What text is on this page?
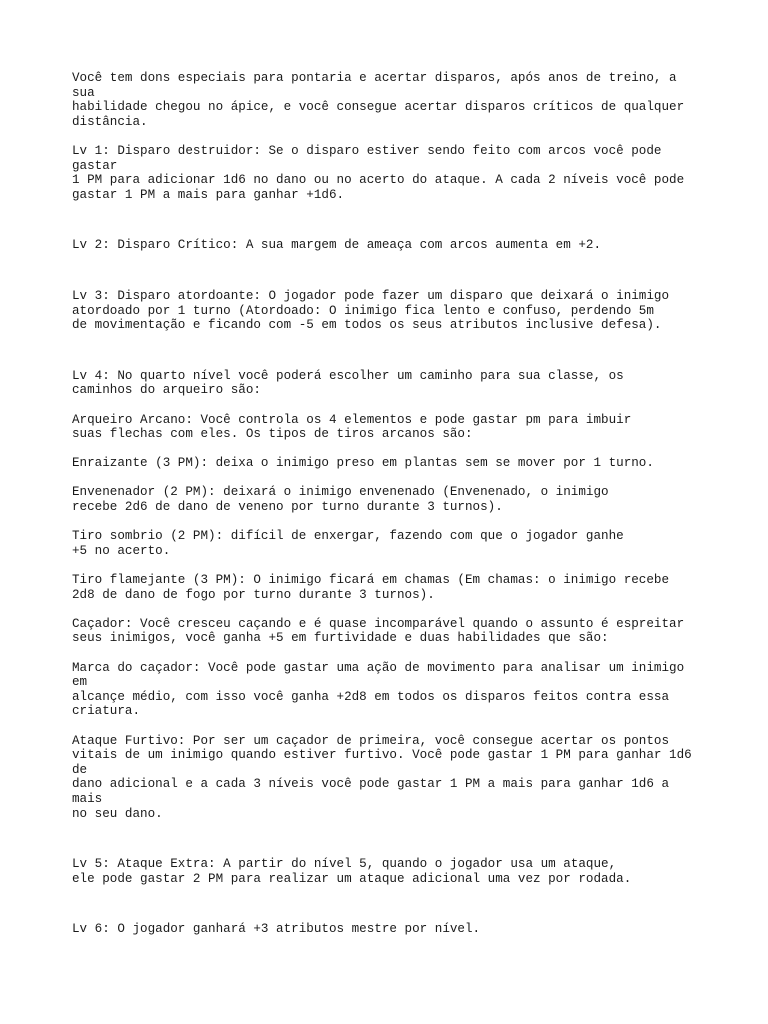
Você tem dons especiais para pontaria e acertar disparos, após anos de treino, a
sua
habilidade chegou no ápice, e você consegue acertar disparos críticos de qualquer
distância.
Lv 1: Disparo destruidor: Se o disparo estiver sendo feito com arcos você pode
gastar
1 PM para adicionar 1d6 no dano ou no acerto do ataque. A cada 2 níveis você pode
gastar 1 PM a mais para ganhar +1d6.
Lv 2: Disparo Crítico: A sua margem de ameaça com arcos aumenta em +2.
Lv 3: Disparo atordoante: O jogador pode fazer um disparo que deixará o inimigo
atordoado por 1 turno (Atordoado: O inimigo fica lento e confuso, perdendo 5m
de movimentação e ficando com -5 em todos os seus atributos inclusive defesa).
Lv 4: No quarto nível você poderá escolher um caminho para sua classe, os
caminhos do arqueiro são:
Arqueiro Arcano: Você controla os 4 elementos e pode gastar pm para imbuir
suas flechas com eles. Os tipos de tiros arcanos são:
Enraizante (3 PM): deixa o inimigo preso em plantas sem se mover por 1 turno.
Envenenador (2 PM): deixará o inimigo envenenado (Envenenado, o inimigo
recebe 2d6 de dano de veneno por turno durante 3 turnos).
Tiro sombrio (2 PM): difícil de enxergar, fazendo com que o jogador ganhe
+5 no acerto.
Tiro flamejante (3 PM): O inimigo ficará em chamas (Em chamas: o inimigo recebe
2d8 de dano de fogo por turno durante 3 turnos).
Caçador: Você cresceu caçando e é quase incomparável quando o assunto é espreitar
seus inimigos, você ganha +5 em furtividade e duas habilidades que são:
Marca do caçador: Você pode gastar uma ação de movimento para analisar um inimigo
em
alcançe médio, com isso você ganha +2d8 em todos os disparos feitos contra essa
criatura.
Ataque Furtivo: Por ser um caçador de primeira, você consegue acertar os pontos
vitais de um inimigo quando estiver furtivo. Você pode gastar 1 PM para ganhar 1d6
de
dano adicional e a cada 3 níveis você pode gastar 1 PM a mais para ganhar 1d6 a
mais
no seu dano.
Lv 5: Ataque Extra: A partir do nível 5, quando o jogador usa um ataque,
ele pode gastar 2 PM para realizar um ataque adicional uma vez por rodada.
Lv 6: O jogador ganhará +3 atributos mestre por nível.
